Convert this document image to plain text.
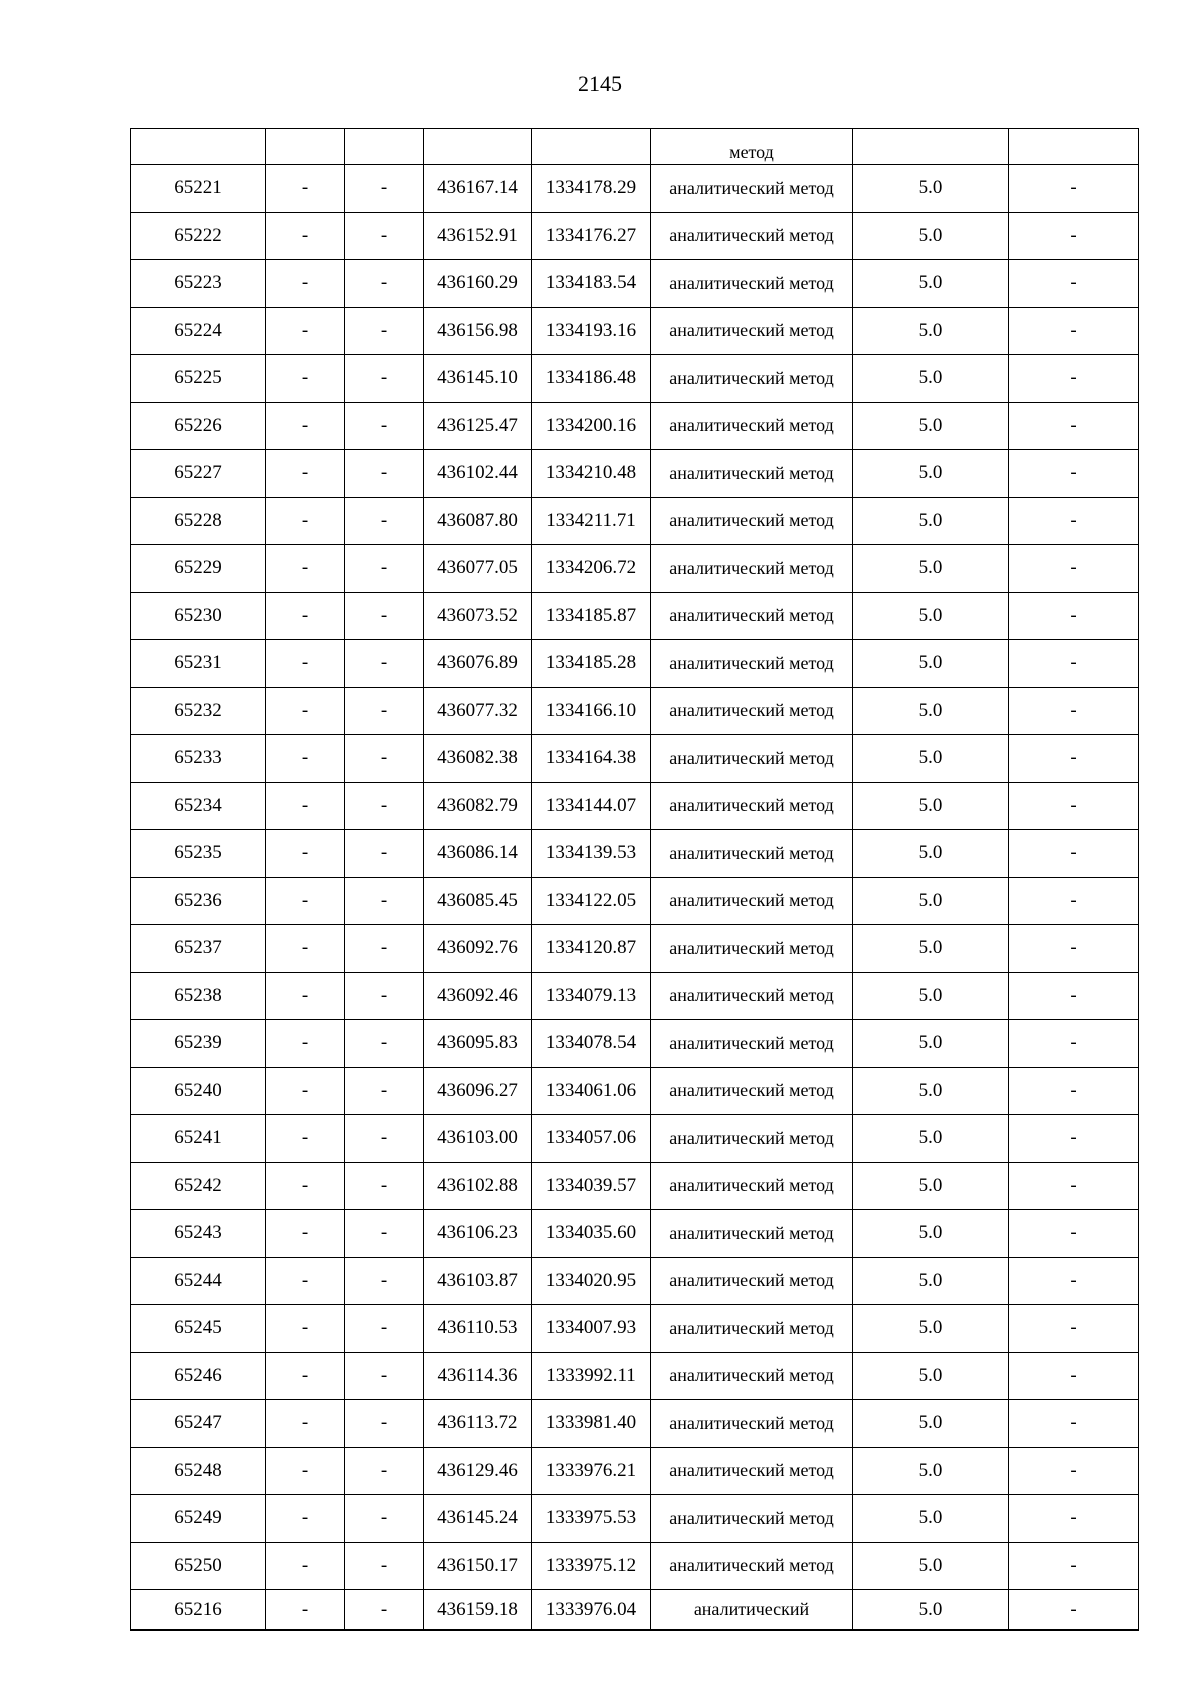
2145
					метод		
65221	-	-	436167.14	1334178.29	аналитический метод	5.0	-
65222	-	-	436152.91	1334176.27	аналитический метод	5.0	-
65223	-	-	436160.29	1334183.54	аналитический метод	5.0	-
65224	-	-	436156.98	1334193.16	аналитический метод	5.0	-
65225	-	-	436145.10	1334186.48	аналитический метод	5.0	-
65226	-	-	436125.47	1334200.16	аналитический метод	5.0	-
65227	-	-	436102.44	1334210.48	аналитический метод	5.0	-
65228	-	-	436087.80	1334211.71	аналитический метод	5.0	-
65229	-	-	436077.05	1334206.72	аналитический метод	5.0	-
65230	-	-	436073.52	1334185.87	аналитический метод	5.0	-
65231	-	-	436076.89	1334185.28	аналитический метод	5.0	-
65232	-	-	436077.32	1334166.10	аналитический метод	5.0	-
65233	-	-	436082.38	1334164.38	аналитический метод	5.0	-
65234	-	-	436082.79	1334144.07	аналитический метод	5.0	-
65235	-	-	436086.14	1334139.53	аналитический метод	5.0	-
65236	-	-	436085.45	1334122.05	аналитический метод	5.0	-
65237	-	-	436092.76	1334120.87	аналитический метод	5.0	-
65238	-	-	436092.46	1334079.13	аналитический метод	5.0	-
65239	-	-	436095.83	1334078.54	аналитический метод	5.0	-
65240	-	-	436096.27	1334061.06	аналитический метод	5.0	-
65241	-	-	436103.00	1334057.06	аналитический метод	5.0	-
65242	-	-	436102.88	1334039.57	аналитический метод	5.0	-
65243	-	-	436106.23	1334035.60	аналитический метод	5.0	-
65244	-	-	436103.87	1334020.95	аналитический метод	5.0	-
65245	-	-	436110.53	1334007.93	аналитический метод	5.0	-
65246	-	-	436114.36	1333992.11	аналитический метод	5.0	-
65247	-	-	436113.72	1333981.40	аналитический метод	5.0	-
65248	-	-	436129.46	1333976.21	аналитический метод	5.0	-
65249	-	-	436145.24	1333975.53	аналитический метод	5.0	-
65250	-	-	436150.17	1333975.12	аналитический метод	5.0	-
65216	-	-	436159.18	1333976.04	аналитический	5.0	-
